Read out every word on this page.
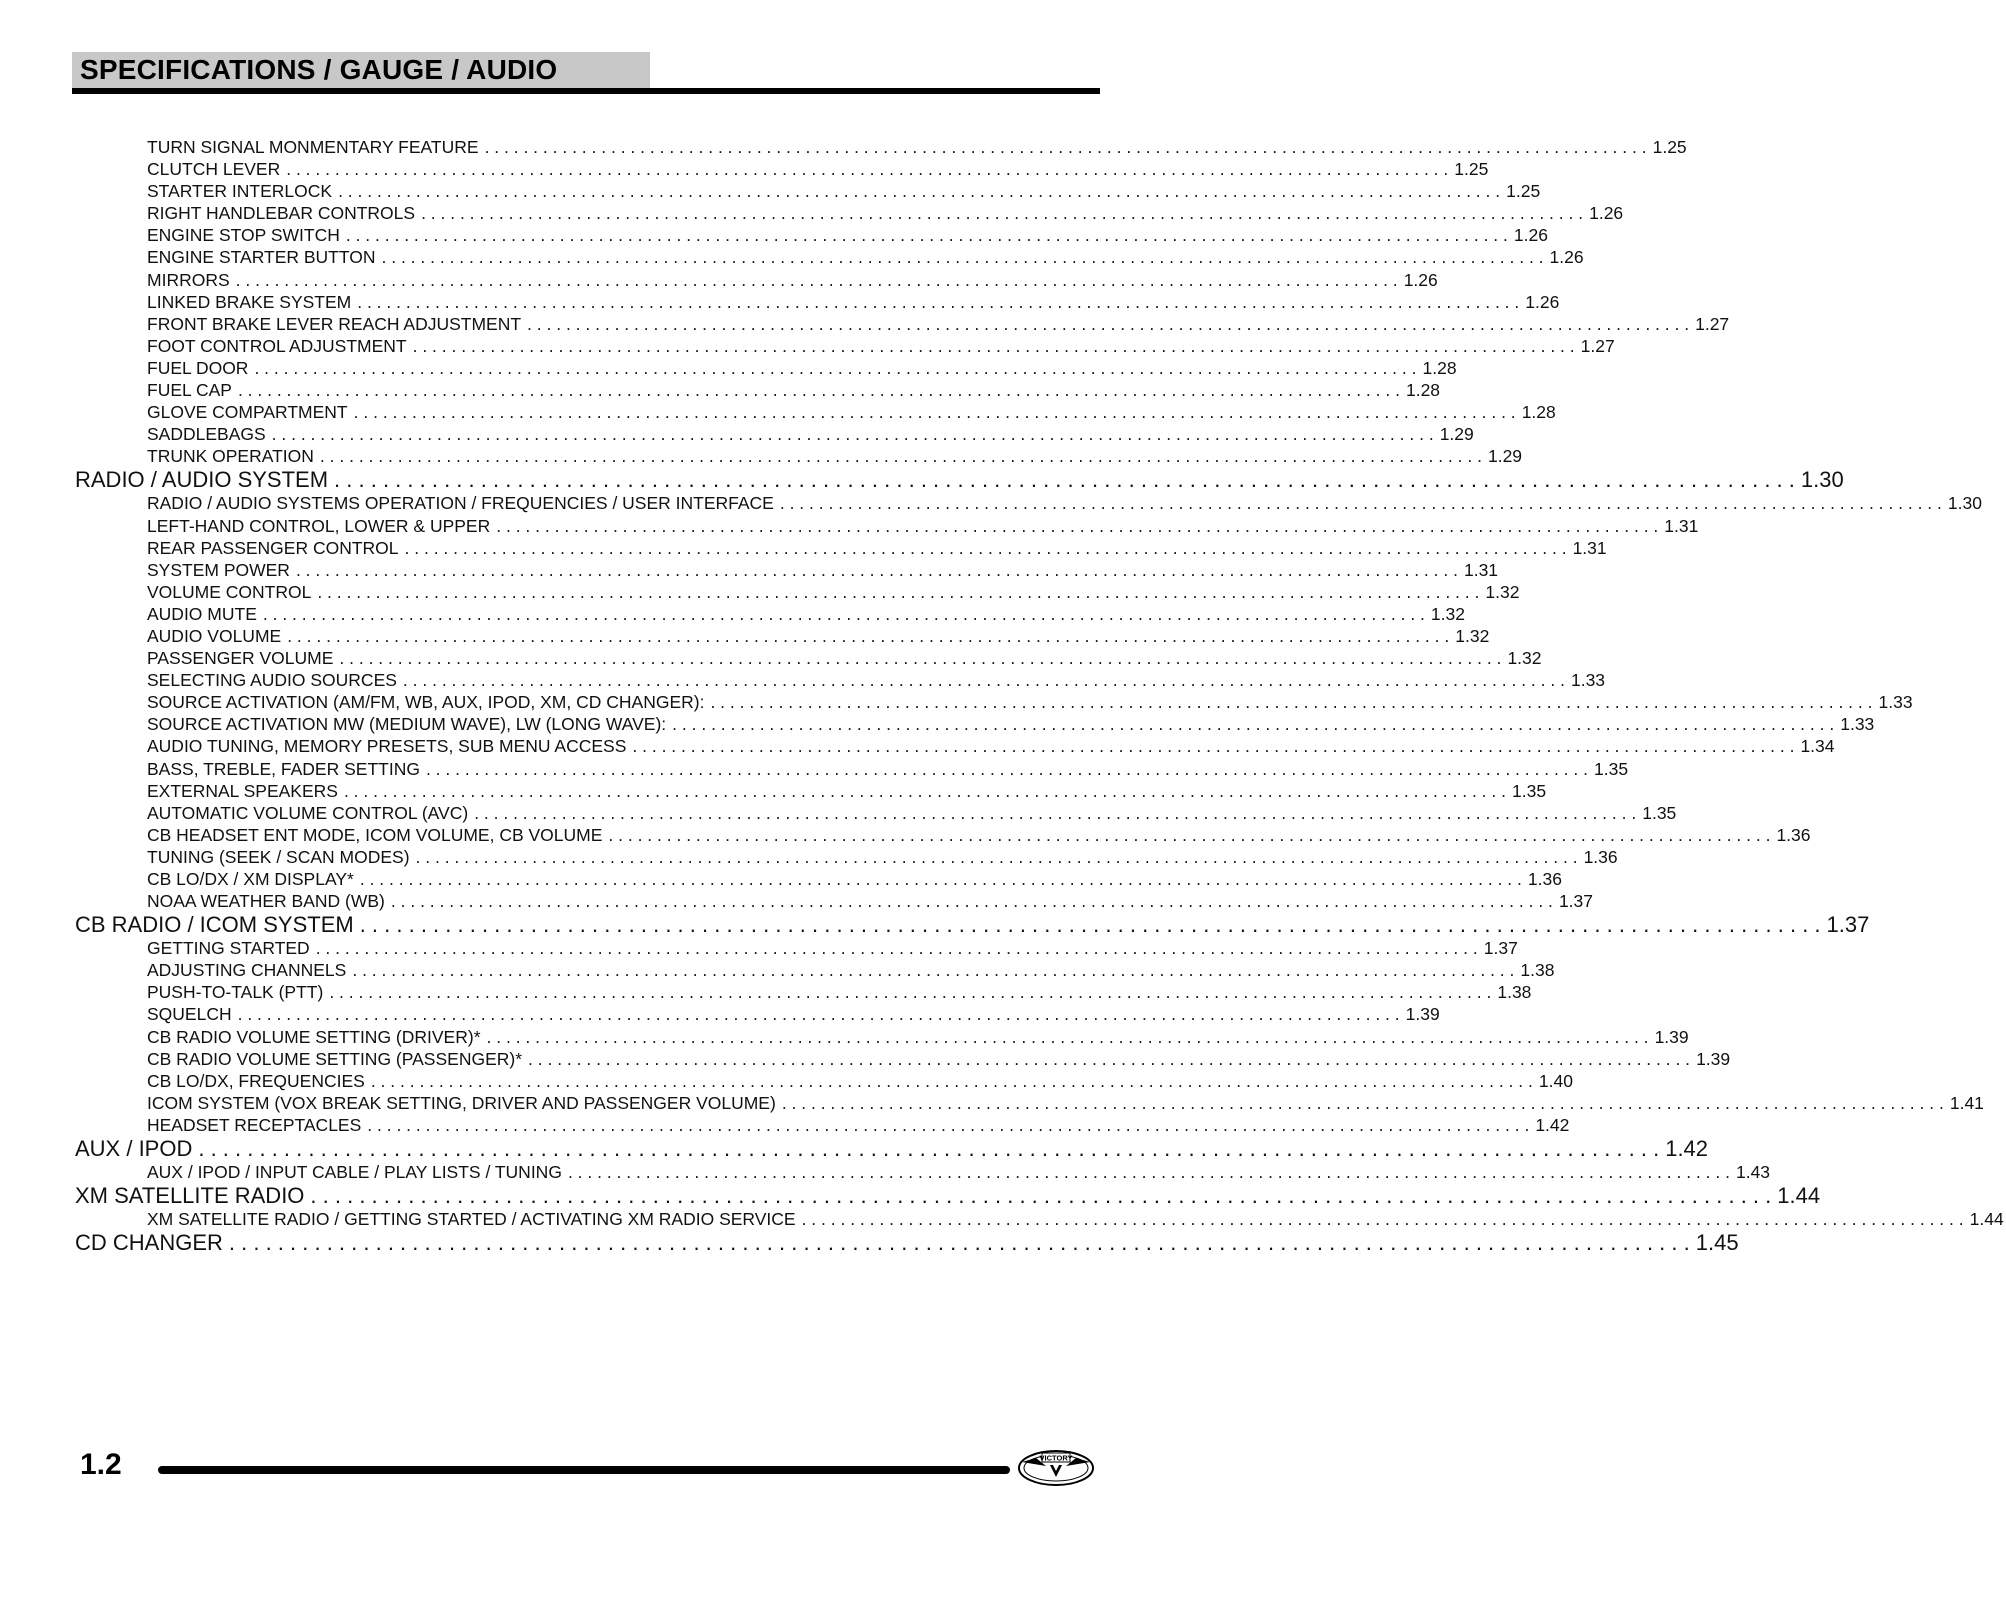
SPECIFICATIONS / GAUGE / AUDIO
TURN SIGNAL MONMENTARY FEATURE . . . . . . . . . . . . . . . . . . . . . . . . . . . . . . . . . . . . . . . . . . . . . . . . . . . . . . . . . . . . . . . . . . . . . . . . . . . . . . . . . . . . . . . . . . . . . . . . . . . . . . . . . . . . . . . . . . . . . . . . 1.25
CLUTCH LEVER . . . . . . . . . . . . . . . . . . . . . . . . . . . . . . . . . . . . . . . . . . . . . . . . . . . . . . . . . . . . . . . . . . . . . . . . . . . . . . . . . . . . . . . . . . . . . . . . . . . . . . . . . . . . . . . . . . . . . . . . 1.25
STARTER INTERLOCK . . . . . . . . . . . . . . . . . . . . . . . . . . . . . . . . . . . . . . . . . . . . . . . . . . . . . . . . . . . . . . . . . . . . . . . . . . . . . . . . . . . . . . . . . . . . . . . . . . . . . . . . . . . . . . . . . . . . . . . . 1.25
RIGHT HANDLEBAR CONTROLS . . . . . . . . . . . . . . . . . . . . . . . . . . . . . . . . . . . . . . . . . . . . . . . . . . . . . . . . . . . . . . . . . . . . . . . . . . . . . . . . . . . . . . . . . . . . . . . . . . . . . . . . . . . . . . . . . . . . . . . . 1.26
ENGINE STOP SWITCH . . . . . . . . . . . . . . . . . . . . . . . . . . . . . . . . . . . . . . . . . . . . . . . . . . . . . . . . . . . . . . . . . . . . . . . . . . . . . . . . . . . . . . . . . . . . . . . . . . . . . . . . . . . . . . . . . . . . . . . . 1.26
ENGINE STARTER BUTTON . . . . . . . . . . . . . . . . . . . . . . . . . . . . . . . . . . . . . . . . . . . . . . . . . . . . . . . . . . . . . . . . . . . . . . . . . . . . . . . . . . . . . . . . . . . . . . . . . . . . . . . . . . . . . . . . . . . . . . . . 1.26
MIRRORS . . . . . . . . . . . . . . . . . . . . . . . . . . . . . . . . . . . . . . . . . . . . . . . . . . . . . . . . . . . . . . . . . . . . . . . . . . . . . . . . . . . . . . . . . . . . . . . . . . . . . . . . . . . . . . . . . . . . . . . . 1.26
LINKED BRAKE SYSTEM . . . . . . . . . . . . . . . . . . . . . . . . . . . . . . . . . . . . . . . . . . . . . . . . . . . . . . . . . . . . . . . . . . . . . . . . . . . . . . . . . . . . . . . . . . . . . . . . . . . . . . . . . . . . . . . . . . . . . . . . 1.26
FRONT BRAKE LEVER REACH ADJUSTMENT . . . . . . . . . . . . . . . . . . . . . . . . . . . . . . . . . . . . . . . . . . . . . . . . . . . . . . . . . . . . . . . . . . . . . . . . . . . . . . . . . . . . . . . . . . . . . . . . . . . . . . . . . . . . . . . . . . . . . . . . 1.27
FOOT CONTROL ADJUSTMENT . . . . . . . . . . . . . . . . . . . . . . . . . . . . . . . . . . . . . . . . . . . . . . . . . . . . . . . . . . . . . . . . . . . . . . . . . . . . . . . . . . . . . . . . . . . . . . . . . . . . . . . . . . . . . . . . . . . . . . . . 1.27
FUEL DOOR . . . . . . . . . . . . . . . . . . . . . . . . . . . . . . . . . . . . . . . . . . . . . . . . . . . . . . . . . . . . . . . . . . . . . . . . . . . . . . . . . . . . . . . . . . . . . . . . . . . . . . . . . . . . . . . . . . . . . . . . 1.28
FUEL CAP . . . . . . . . . . . . . . . . . . . . . . . . . . . . . . . . . . . . . . . . . . . . . . . . . . . . . . . . . . . . . . . . . . . . . . . . . . . . . . . . . . . . . . . . . . . . . . . . . . . . . . . . . . . . . . . . . . . . . . . . 1.28
GLOVE COMPARTMENT . . . . . . . . . . . . . . . . . . . . . . . . . . . . . . . . . . . . . . . . . . . . . . . . . . . . . . . . . . . . . . . . . . . . . . . . . . . . . . . . . . . . . . . . . . . . . . . . . . . . . . . . . . . . . . . . . . . . . . . . 1.28
SADDLEBAGS . . . . . . . . . . . . . . . . . . . . . . . . . . . . . . . . . . . . . . . . . . . . . . . . . . . . . . . . . . . . . . . . . . . . . . . . . . . . . . . . . . . . . . . . . . . . . . . . . . . . . . . . . . . . . . . . . . . . . . . . 1.29
TRUNK OPERATION . . . . . . . . . . . . . . . . . . . . . . . . . . . . . . . . . . . . . . . . . . . . . . . . . . . . . . . . . . . . . . . . . . . . . . . . . . . . . . . . . . . . . . . . . . . . . . . . . . . . . . . . . . . . . . . . . . . . . . . . 1.29
RADIO / AUDIO SYSTEM . . . . . . . . . . . . . . . . . . . . . . . . . . . . . . . . . . . . . . . . . . . . . . . . . . . . . . . . . . . . . . . . . . . . . . . . . . . . . . . . . . . . . . . . . . . . . . . . . . . . . . . . . . . . . . . . . . . . . . . . 1.30
RADIO / AUDIO SYSTEMS OPERATION / FREQUENCIES / USER INTERFACE . . . . . . . . . . . . . . . . . . . . . . . . . . . . . . . . . . . . . . . . . . . . . . . . . . . . . . . . . . . . . . . . . . . . . . . . . . . . . . . . . . . . . . . . . . . . . . . . . . . . . . . . . . . . . . . . . . . . . . . . 1.30
LEFT-HAND CONTROL, LOWER & UPPER . . . . . . . . . . . . . . . . . . . . . . . . . . . . . . . . . . . . . . . . . . . . . . . . . . . . . . . . . . . . . . . . . . . . . . . . . . . . . . . . . . . . . . . . . . . . . . . . . . . . . . . . . . . . . . . . . . . . . . . . 1.31
REAR PASSENGER CONTROL . . . . . . . . . . . . . . . . . . . . . . . . . . . . . . . . . . . . . . . . . . . . . . . . . . . . . . . . . . . . . . . . . . . . . . . . . . . . . . . . . . . . . . . . . . . . . . . . . . . . . . . . . . . . . . . . . . . . . . . . 1.31
SYSTEM POWER . . . . . . . . . . . . . . . . . . . . . . . . . . . . . . . . . . . . . . . . . . . . . . . . . . . . . . . . . . . . . . . . . . . . . . . . . . . . . . . . . . . . . . . . . . . . . . . . . . . . . . . . . . . . . . . . . . . . . . . . 1.31
VOLUME CONTROL . . . . . . . . . . . . . . . . . . . . . . . . . . . . . . . . . . . . . . . . . . . . . . . . . . . . . . . . . . . . . . . . . . . . . . . . . . . . . . . . . . . . . . . . . . . . . . . . . . . . . . . . . . . . . . . . . . . . . . . . 1.32
AUDIO MUTE . . . . . . . . . . . . . . . . . . . . . . . . . . . . . . . . . . . . . . . . . . . . . . . . . . . . . . . . . . . . . . . . . . . . . . . . . . . . . . . . . . . . . . . . . . . . . . . . . . . . . . . . . . . . . . . . . . . . . . . . 1.32
AUDIO VOLUME . . . . . . . . . . . . . . . . . . . . . . . . . . . . . . . . . . . . . . . . . . . . . . . . . . . . . . . . . . . . . . . . . . . . . . . . . . . . . . . . . . . . . . . . . . . . . . . . . . . . . . . . . . . . . . . . . . . . . . . . 1.32
PASSENGER VOLUME . . . . . . . . . . . . . . . . . . . . . . . . . . . . . . . . . . . . . . . . . . . . . . . . . . . . . . . . . . . . . . . . . . . . . . . . . . . . . . . . . . . . . . . . . . . . . . . . . . . . . . . . . . . . . . . . . . . . . . . . 1.32
SELECTING AUDIO SOURCES . . . . . . . . . . . . . . . . . . . . . . . . . . . . . . . . . . . . . . . . . . . . . . . . . . . . . . . . . . . . . . . . . . . . . . . . . . . . . . . . . . . . . . . . . . . . . . . . . . . . . . . . . . . . . . . . . . . . . . . . 1.33
SOURCE ACTIVATION (AM/FM, WB, AUX, IPOD, XM, CD CHANGER): . . . . . . . . . . . . . . . . . . . . . . . . . . . . . . . . . . . . . . . . . . . . . . . . . . . . . . . . . . . . . . . . . . . . . . . . . . . . . . . . . . . . . . . . . . . . . . . . . . . . . . . . . . . . . . . . . . . . . . . . 1.33
SOURCE ACTIVATION MW (MEDIUM WAVE), LW (LONG WAVE): . . . . . . . . . . . . . . . . . . . . . . . . . . . . . . . . . . . . . . . . . . . . . . . . . . . . . . . . . . . . . . . . . . . . . . . . . . . . . . . . . . . . . . . . . . . . . . . . . . . . . . . . . . . . . . . . . . . . . . . . 1.33
AUDIO TUNING, MEMORY PRESETS, SUB MENU ACCESS . . . . . . . . . . . . . . . . . . . . . . . . . . . . . . . . . . . . . . . . . . . . . . . . . . . . . . . . . . . . . . . . . . . . . . . . . . . . . . . . . . . . . . . . . . . . . . . . . . . . . . . . . . . . . . . . . . . . . . . . 1.34
BASS, TREBLE, FADER SETTING . . . . . . . . . . . . . . . . . . . . . . . . . . . . . . . . . . . . . . . . . . . . . . . . . . . . . . . . . . . . . . . . . . . . . . . . . . . . . . . . . . . . . . . . . . . . . . . . . . . . . . . . . . . . . . . . . . . . . . . . 1.35
EXTERNAL SPEAKERS . . . . . . . . . . . . . . . . . . . . . . . . . . . . . . . . . . . . . . . . . . . . . . . . . . . . . . . . . . . . . . . . . . . . . . . . . . . . . . . . . . . . . . . . . . . . . . . . . . . . . . . . . . . . . . . . . . . . . . . . 1.35
AUTOMATIC VOLUME CONTROL (AVC) . . . . . . . . . . . . . . . . . . . . . . . . . . . . . . . . . . . . . . . . . . . . . . . . . . . . . . . . . . . . . . . . . . . . . . . . . . . . . . . . . . . . . . . . . . . . . . . . . . . . . . . . . . . . . . . . . . . . . . . . 1.35
CB HEADSET ENT MODE, ICOM VOLUME, CB VOLUME . . . . . . . . . . . . . . . . . . . . . . . . . . . . . . . . . . . . . . . . . . . . . . . . . . . . . . . . . . . . . . . . . . . . . . . . . . . . . . . . . . . . . . . . . . . . . . . . . . . . . . . . . . . . . . . . . . . . . . . . 1.36
TUNING (SEEK / SCAN MODES) . . . . . . . . . . . . . . . . . . . . . . . . . . . . . . . . . . . . . . . . . . . . . . . . . . . . . . . . . . . . . . . . . . . . . . . . . . . . . . . . . . . . . . . . . . . . . . . . . . . . . . . . . . . . . . . . . . . . . . . . 1.36
CB LO/DX / XM DISPLAY* . . . . . . . . . . . . . . . . . . . . . . . . . . . . . . . . . . . . . . . . . . . . . . . . . . . . . . . . . . . . . . . . . . . . . . . . . . . . . . . . . . . . . . . . . . . . . . . . . . . . . . . . . . . . . . . . . . . . . . . . 1.36
NOAA WEATHER BAND (WB) . . . . . . . . . . . . . . . . . . . . . . . . . . . . . . . . . . . . . . . . . . . . . . . . . . . . . . . . . . . . . . . . . . . . . . . . . . . . . . . . . . . . . . . . . . . . . . . . . . . . . . . . . . . . . . . . . . . . . . . . 1.37
CB RADIO / ICOM SYSTEM . . . . . . . . . . . . . . . . . . . . . . . . . . . . . . . . . . . . . . . . . . . . . . . . . . . . . . . . . . . . . . . . . . . . . . . . . . . . . . . . . . . . . . . . . . . . . . . . . . . . . . . . . . . . . . . . . . . . . . . . 1.37
GETTING STARTED . . . . . . . . . . . . . . . . . . . . . . . . . . . . . . . . . . . . . . . . . . . . . . . . . . . . . . . . . . . . . . . . . . . . . . . . . . . . . . . . . . . . . . . . . . . . . . . . . . . . . . . . . . . . . . . . . . . . . . . . 1.37
ADJUSTING CHANNELS . . . . . . . . . . . . . . . . . . . . . . . . . . . . . . . . . . . . . . . . . . . . . . . . . . . . . . . . . . . . . . . . . . . . . . . . . . . . . . . . . . . . . . . . . . . . . . . . . . . . . . . . . . . . . . . . . . . . . . . . 1.38
PUSH-TO-TALK (PTT) . . . . . . . . . . . . . . . . . . . . . . . . . . . . . . . . . . . . . . . . . . . . . . . . . . . . . . . . . . . . . . . . . . . . . . . . . . . . . . . . . . . . . . . . . . . . . . . . . . . . . . . . . . . . . . . . . . . . . . . . 1.38
SQUELCH . . . . . . . . . . . . . . . . . . . . . . . . . . . . . . . . . . . . . . . . . . . . . . . . . . . . . . . . . . . . . . . . . . . . . . . . . . . . . . . . . . . . . . . . . . . . . . . . . . . . . . . . . . . . . . . . . . . . . . . . 1.39
CB RADIO VOLUME SETTING (DRIVER)* . . . . . . . . . . . . . . . . . . . . . . . . . . . . . . . . . . . . . . . . . . . . . . . . . . . . . . . . . . . . . . . . . . . . . . . . . . . . . . . . . . . . . . . . . . . . . . . . . . . . . . . . . . . . . . . . . . . . . . . . 1.39
CB RADIO VOLUME SETTING (PASSENGER)* . . . . . . . . . . . . . . . . . . . . . . . . . . . . . . . . . . . . . . . . . . . . . . . . . . . . . . . . . . . . . . . . . . . . . . . . . . . . . . . . . . . . . . . . . . . . . . . . . . . . . . . . . . . . . . . . . . . . . . . . 1.39
CB LO/DX, FREQUENCIES . . . . . . . . . . . . . . . . . . . . . . . . . . . . . . . . . . . . . . . . . . . . . . . . . . . . . . . . . . . . . . . . . . . . . . . . . . . . . . . . . . . . . . . . . . . . . . . . . . . . . . . . . . . . . . . . . . . . . . . . 1.40
ICOM SYSTEM (VOX BREAK SETTING, DRIVER AND PASSENGER VOLUME) . . . . . . . . . . . . . . . . . . . . . . . . . . . . . . . . . . . . . . . . . . . . . . . . . . . . . . . . . . . . . . . . . . . . . . . . . . . . . . . . . . . . . . . . . . . . . . . . . . . . . . . . . . . . . . . . . . . . . . . . 1.41
HEADSET RECEPTACLES . . . . . . . . . . . . . . . . . . . . . . . . . . . . . . . . . . . . . . . . . . . . . . . . . . . . . . . . . . . . . . . . . . . . . . . . . . . . . . . . . . . . . . . . . . . . . . . . . . . . . . . . . . . . . . . . . . . . . . . . 1.42
AUX / IPOD . . . . . . . . . . . . . . . . . . . . . . . . . . . . . . . . . . . . . . . . . . . . . . . . . . . . . . . . . . . . . . . . . . . . . . . . . . . . . . . . . . . . . . . . . . . . . . . . . . . . . . . . . . . . . . . . . . . . . . . . 1.42
AUX / IPOD / INPUT CABLE / PLAY LISTS / TUNING . . . . . . . . . . . . . . . . . . . . . . . . . . . . . . . . . . . . . . . . . . . . . . . . . . . . . . . . . . . . . . . . . . . . . . . . . . . . . . . . . . . . . . . . . . . . . . . . . . . . . . . . . . . . . . . . . . . . . . . . 1.43
XM SATELLITE RADIO . . . . . . . . . . . . . . . . . . . . . . . . . . . . . . . . . . . . . . . . . . . . . . . . . . . . . . . . . . . . . . . . . . . . . . . . . . . . . . . . . . . . . . . . . . . . . . . . . . . . . . . . . . . . . . . . . . . . . . . . 1.44
XM SATELLITE RADIO / GETTING STARTED / ACTIVATING XM RADIO SERVICE . . . . . . . . . . . . . . . . . . . . . . . . . . . . . . . . . . . . . . . . . . . . . . . . . . . . . . . . . . . . . . . . . . . . . . . . . . . . . . . . . . . . . . . . . . . . . . . . . . . . . . . . . . . . . . . . . . . . . . . . 1.44
CD CHANGER . . . . . . . . . . . . . . . . . . . . . . . . . . . . . . . . . . . . . . . . . . . . . . . . . . . . . . . . . . . . . . . . . . . . . . . . . . . . . . . . . . . . . . . . . . . . . . . . . . . . . . . . . . . . . . . . . . . . . . . . 1.45
1.2	VICTORY
